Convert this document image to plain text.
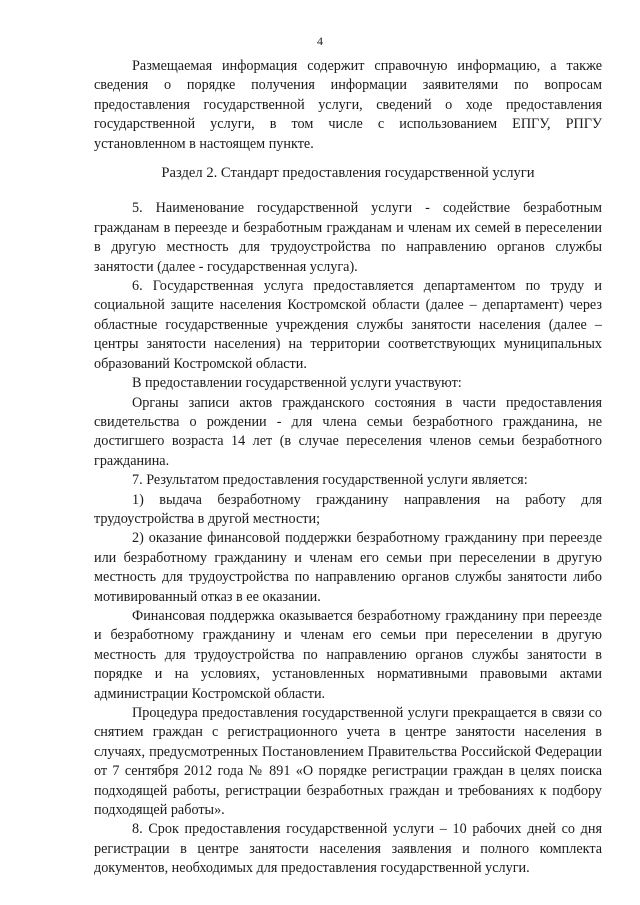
4

Размещаемая информация содержит справочную информацию, а также сведения о порядке получения информации заявителями по вопросам предоставления государственной услуги, сведений о ходе предоставления государственной услуги, в том числе с использованием ЕПГУ, РПГУ установленном в настоящем пункте.

Раздел 2. Стандарт предоставления государственной услуги

5. Наименование государственной услуги - содействие безработным гражданам в переезде и безработным гражданам и членам их семей в переселении в другую местность для трудоустройства по направлению органов службы занятости (далее - государственная услуга).

6. Государственная услуга предоставляется департаментом по труду и социальной защите населения Костромской области (далее – департамент) через областные государственные учреждения службы занятости населения (далее – центры занятости населения) на территории соответствующих муниципальных образований Костромской области.

В предоставлении государственной услуги участвуют:

Органы записи актов гражданского состояния в части предоставления свидетельства о рождении - для члена семьи безработного гражданина, не достигшего возраста 14 лет (в случае переселения членов семьи безработного гражданина.

7. Результатом предоставления государственной услуги является:

1) выдача безработному гражданину направления на работу для трудоустройства в другой местности;

2) оказание финансовой поддержки безработному гражданину при переезде или безработному гражданину и членам его семьи при переселении в другую местность для трудоустройства по направлению органов службы занятости либо мотивированный отказ в ее оказании.

Финансовая поддержка оказывается безработному гражданину при переезде и безработному гражданину и членам его семьи при переселении в другую местность для трудоустройства по направлению органов службы занятости в порядке и на условиях, установленных нормативными правовыми актами администрации Костромской области.

Процедура предоставления государственной услуги прекращается в связи со снятием граждан с регистрационного учета в центре занятости населения в случаях, предусмотренных Постановлением Правительства Российской Федерации от 7 сентября 2012 года № 891 «О порядке регистрации граждан в целях поиска подходящей работы, регистрации безработных граждан и требованиях к подбору подходящей работы».

8. Срок предоставления государственной услуги – 10 рабочих дней со дня регистрации в центре занятости населения заявления и полного комплекта документов, необходимых для предоставления государственной услуги.
